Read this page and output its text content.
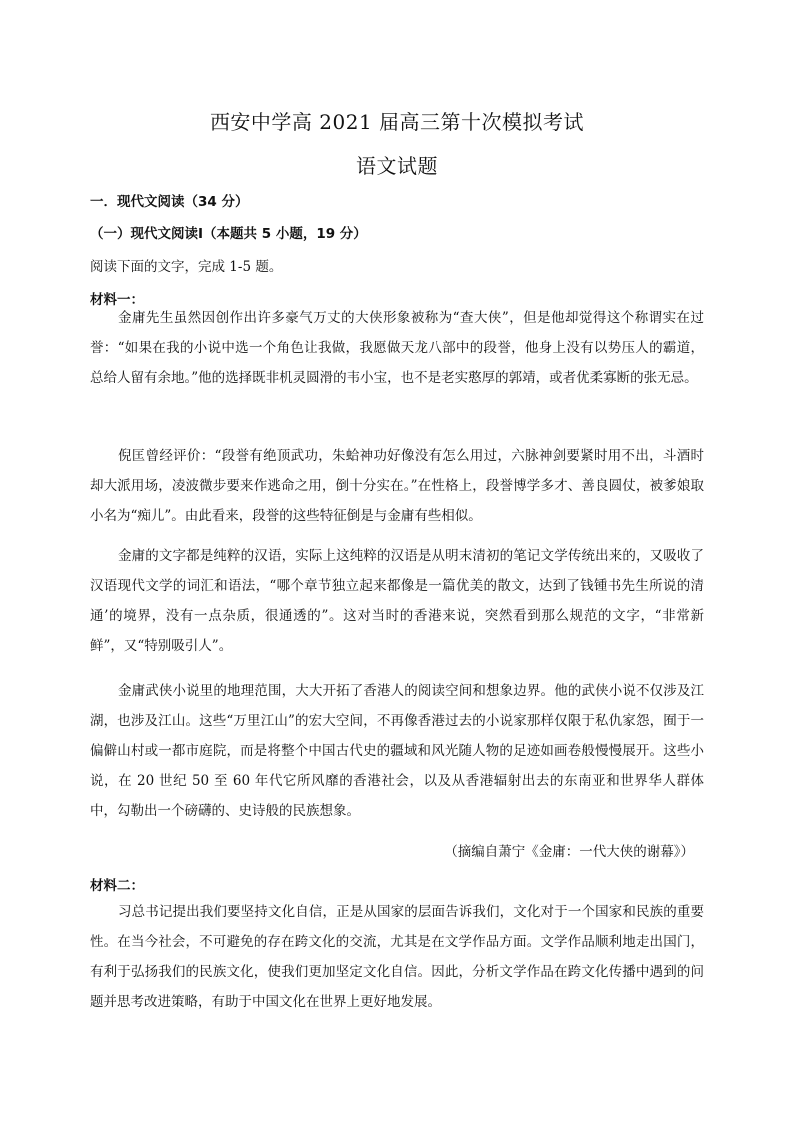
西安中学高 2021 届高三第十次模拟考试
语文试题
一．现代文阅读（34 分）
（一）现代文阅读Ⅰ（本题共 5 小题，19 分）
阅读下面的文字，完成 1-5 题。
材料一：

金庸先生虽然因创作出许多豪气万丈的大侠形象被称为“查大侠”，但是他却觉得这个称谓实在过誉：“如果在我的小说中选一个角色让我做，我愿做天龙八部中的段誉，他身上没有以势压人的霸道，总给人留有余地。”他的选择既非机灵圆滑的韦小宝，也不是老实憨厚的郭靖，或者优柔寡断的张无忌。

倪匡曾经评价：“段誉有绝顶武功，朱蛤神功好像没有怎么用过，六脉神剑要紧时用不出，斗酒时却大派用场，凌波微步要来作逃命之用，倒十分实在。”在性格上，段誉博学多才、善良圆仗，被爹娘取小名为“痴儿”。由此看来，段誉的这些特征倒是与金庸有些相似。

金庸的文字都是纯粹的汉语，实际上这纯粹的汉语是从明末清初的笔记文学传统出来的，又吸收了汉语现代文学的词汇和语法，“哪个章节独立起来都像是一篇优美的散文，达到了钱锺书先生所说的清通’的境界，没有一点杂质，很通透的”。这对当时的香港来说，突然看到那么规范的文字，“非常新鲜”，又“特别吸引人”。

金庸武侠小说里的地理范围，大大开拓了香港人的阅读空间和想象边界。他的武侠小说不仅涉及江湖，也涉及江山。这些“万里江山”的宏大空间，不再像香港过去的小说家那样仅限于私仇家怨，囿于一偏僻山村或一都市庭院，而是将整个中国古代史的疆域和风光随人物的足迹如画卷般慢慢展开。这些小说，在 20 世纪 50 至 60 年代它所风靡的香港社会，以及从香港辐射出去的东南亚和世界华人群体中，勾勒出一个磅礴的、史诗般的民族想象。

（摘编自萧宁《金庸：一代大侠的谢幕》）
材料二：

习总书记提出我们要坚持文化自信，正是从国家的层面告诉我们，文化对于一个国家和民族的重要性。在当今社会，不可避免的存在跨文化的交流，尤其是在文学作品方面。文学作品顺利地走出国门，有利于弘扬我们的民族文化，使我们更加坚定文化自信。因此，分析文学作品在跨文化传播中遇到的问题并思考改进策略，有助于中国文化在世界上更好地发展。
